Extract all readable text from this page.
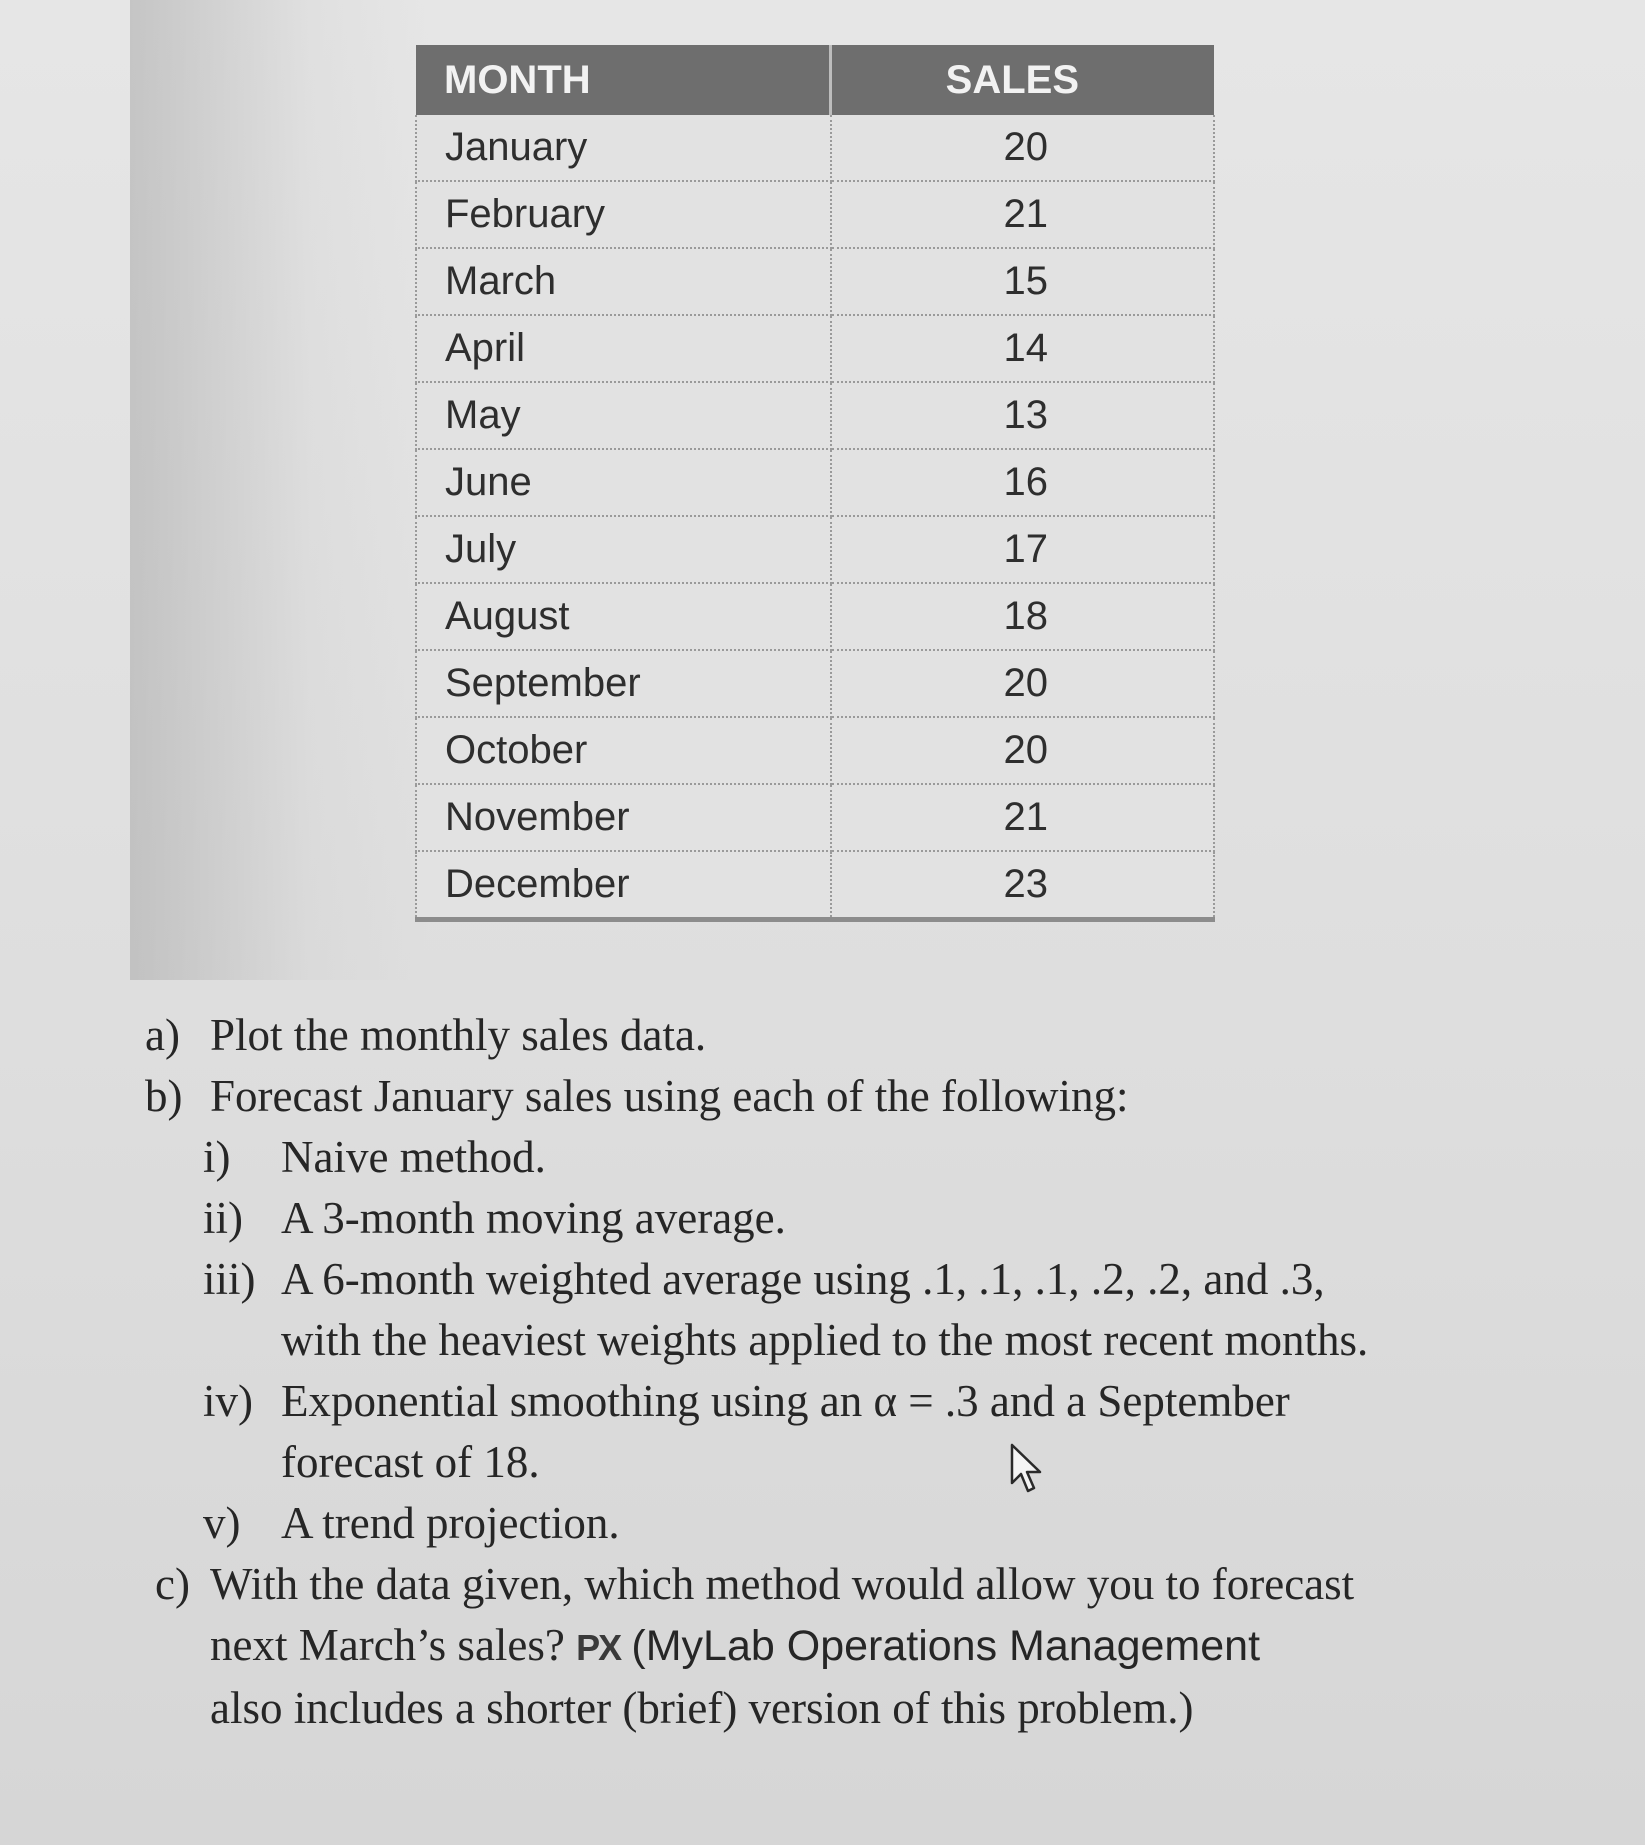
MONTH	SALES
January	20
February	21
March	15
April	14
May	13
June	16
July	17
August	18
September	20
October	20
November	21
December	23
a) Plot the monthly sales data.
b) Forecast January sales using each of the following:
i) Naive method.
ii) A 3-month moving average.
iii) A 6-month weighted average using .1, .1, .1, .2, .2, and .3,
with the heaviest weights applied to the most recent months.
iv) Exponential smoothing using an α = .3 and a September
forecast of 18.
v) A trend projection.
c) With the data given, which method would allow you to forecast
next March’s sales? PX (MyLab Operations Management
also includes a shorter (brief) version of this problem.)
